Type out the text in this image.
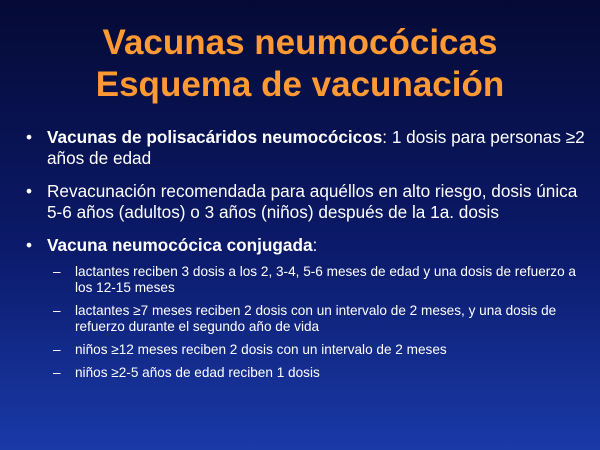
Vacunas neumocócicas
Esquema de vacunación
• Vacunas de polisacáridos neumocócicos: 1 dosis para personas ≥2 años de edad
• Revacunación recomendada para aquéllos en alto riesgo, dosis única 5-6 años (adultos) o 3 años (niños) después de la 1a. dosis
• Vacuna neumocócica conjugada:
– lactantes reciben 3 dosis a los 2, 3-4, 5-6 meses de edad y una dosis de refuerzo a los 12-15 meses
– lactantes ≥7 meses reciben 2 dosis con un intervalo de 2 meses, y una dosis de refuerzo durante el segundo año de vida
– niños ≥12 meses reciben 2 dosis con un intervalo de 2 meses
– niños ≥2-5 años de edad reciben 1 dosis
